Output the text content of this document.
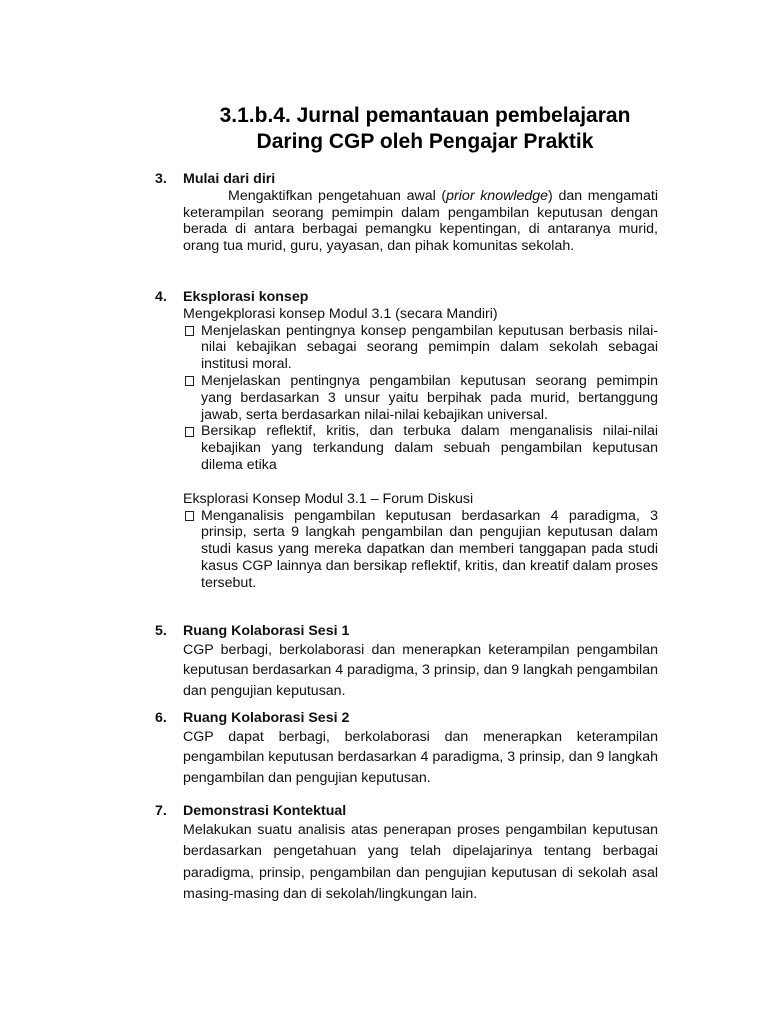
3.1.b.4. Jurnal pemantauan pembelajaran
Daring CGP oleh Pengajar Praktik
3. Mulai dari diri
Mengaktifkan pengetahuan awal (prior knowledge) dan mengamati keterampilan seorang pemimpin dalam pengambilan keputusan dengan berada di antara berbagai pemangku kepentingan, di antaranya murid, orang tua murid, guru, yayasan, dan pihak komunitas sekolah.
4. Eksplorasi konsep
Mengekplorasi konsep Modul 3.1 (secara Mandiri)
Menjelaskan pentingnya konsep pengambilan keputusan berbasis nilai-nilai kebajikan sebagai seorang pemimpin dalam sekolah sebagai institusi moral.
Menjelaskan pentingnya pengambilan keputusan seorang pemimpin yang berdasarkan 3 unsur yaitu berpihak pada murid, bertanggung jawab, serta berdasarkan nilai-nilai kebajikan universal.
Bersikap reflektif, kritis, dan terbuka dalam menganalisis nilai-nilai kebajikan yang terkandung dalam sebuah pengambilan keputusan dilema etika
Eksplorasi Konsep Modul 3.1 – Forum Diskusi
Menganalisis pengambilan keputusan berdasarkan 4 paradigma, 3 prinsip, serta 9 langkah pengambilan dan pengujian keputusan dalam studi kasus yang mereka dapatkan dan memberi tanggapan pada studi kasus CGP lainnya dan bersikap reflektif, kritis, dan kreatif dalam proses tersebut.
5. Ruang Kolaborasi Sesi 1
CGP berbagi, berkolaborasi dan menerapkan keterampilan pengambilan keputusan berdasarkan 4 paradigma, 3 prinsip, dan 9 langkah pengambilan dan pengujian keputusan.
6. Ruang Kolaborasi Sesi 2
CGP dapat berbagi, berkolaborasi dan menerapkan keterampilan pengambilan keputusan berdasarkan 4 paradigma, 3 prinsip, dan 9 langkah pengambilan dan pengujian keputusan.
7. Demonstrasi Kontektual
Melakukan suatu analisis atas penerapan proses pengambilan keputusan berdasarkan pengetahuan yang telah dipelajarinya tentang berbagai paradigma, prinsip, pengambilan dan pengujian keputusan di sekolah asal masing-masing dan di sekolah/lingkungan lain.
